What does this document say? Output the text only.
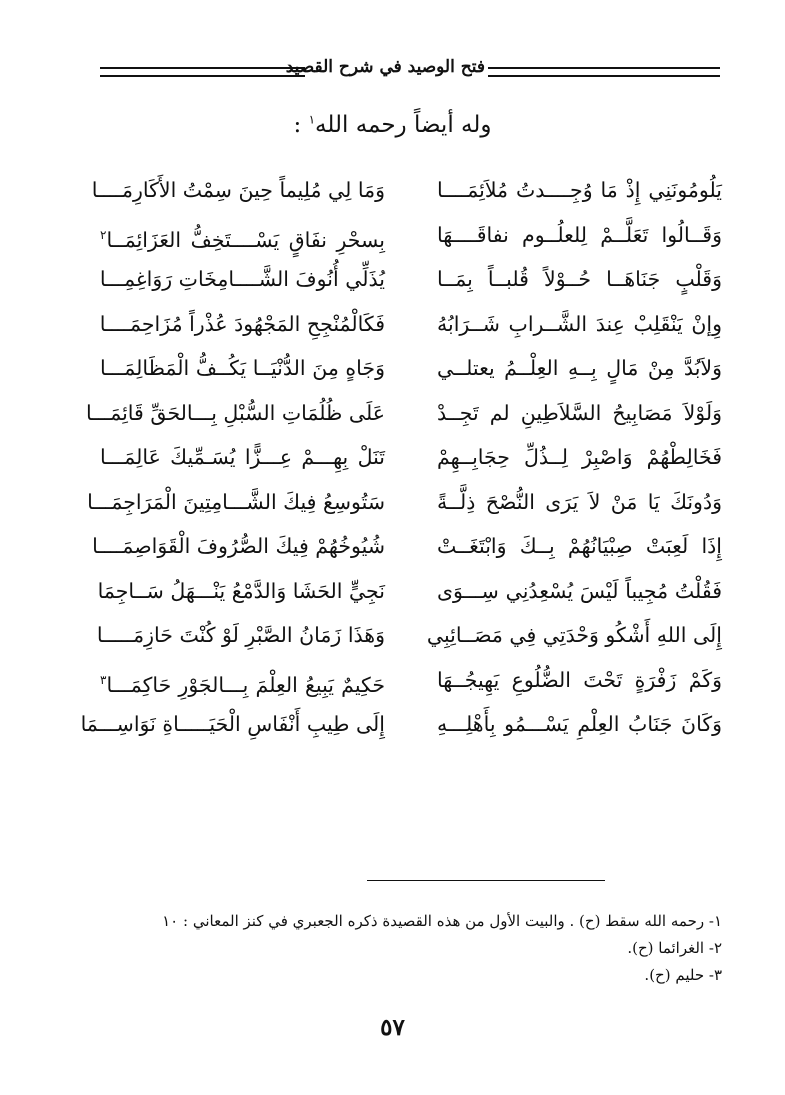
فتح الوصيد في شرح القصيد
وله أيضاً رحمه الله$^١$ :
يَلُومُونَنِي إِذْ مَا وُجِــــدتُ مُلاَئِمَــــا
وَمَا لِي مُلِيماً حِينَ سِمْتُ الأَكَارِمَــــا
وَقَــالُوا تَعَلَّــمْ لِلعلُــوم نفاقَــــهَا
بِسحْرِ نفَاقٍ يَسْــــتَخِفُّ العَزَائِمَــا$^٢$
وَقَلْبٍ جَنَاهَــا حُــوْلاً قُلبــاً بِمَــا
يُذَلِّي أُنُوفَ الشَّــــامِخَاتِ رَوَاغِمِـــا
وِإنْ يَنْقَلِبْ عِندَ الشَّــرابِ شَــرَابُهُ
فَكَالْمُنْجِحِ المَجْهُودَ عُذْراً مُزَاحِمَــــا
وَلاَبُدَّ مِنْ مَالٍ بِــهِ العِلْــمُ يعتلــي
وَجَاهٍ مِنَ الدُّنْيَــا يَكُــفُّ الْمَظَالِمَـــا
وَلَوْلاَ مَصَابِيحُ السَّلاَطِينِ لم تَجِــدْ
عَلَى ظُلُمَاتِ السُّبْلِ بِـــالحَقِّ قَائِمَـــا
فَخَالِطْهُمْ وَاصْبِرْ لِــذُلِّ حِجَابِــهِمْ
تَنَلْ بِهِـــمْ عِـــزًّا يُسَـمِّيكَ عَالِمَـــا
وَدُونَكَ يَا مَنْ لاَ يَرَى النُّصْحَ ذِلَّــةً
سَتُوسِعُ فِيكَ الشَّـــامِتِينَ الْمَرَاجِمَـــا
إِذَا لَعِبَتْ صِبْيَانُهُمْ بِــكَ وَابْتَغَــتْ
شُيُوخُهُمْ فِيكَ الصُّرُوفَ الْقَوَاصِمَــــا
فَقُلْتُ مُجِيباً لَيْسَ يُسْعِدُنِي سِـــوَى
نَجِيٍّ الحَشَا وَالدَّمْعُ يَنْـــهَلُ سَــاجِمَا
إِلَى اللهِ أَشْكُو وَحْدَتِي فِي مَصَــائِبِي
وَهَذَا زَمَانُ الصَّبْرِ لَوْ كُنْتَ حَازِمَـــــا
وَكَمْ زَفْرَةٍ تَحْتَ الضُّلُوعِ يَهِيجُــهَا
حَكِيمٌ يَبِيعُ العِلْمَ بِـــالجَوْرِ حَاكِمَـــا$^٣$
وَكَانَ جَنَابُ العِلْمِ يَسْـــمُو بِأَهْلِـــهِ
إِلَى طِيبِ أَنْفَاسِ الْحَيَـــــاةِ نَوَاسِـــمَا
١- رحمه الله سقط (ح) . والبيت الأول من هذه القصيدة ذكره الجعبري في كنز المعاني : ١٠
٢- الغرائما (ح).
٣- حليم (ح).
٥٧
